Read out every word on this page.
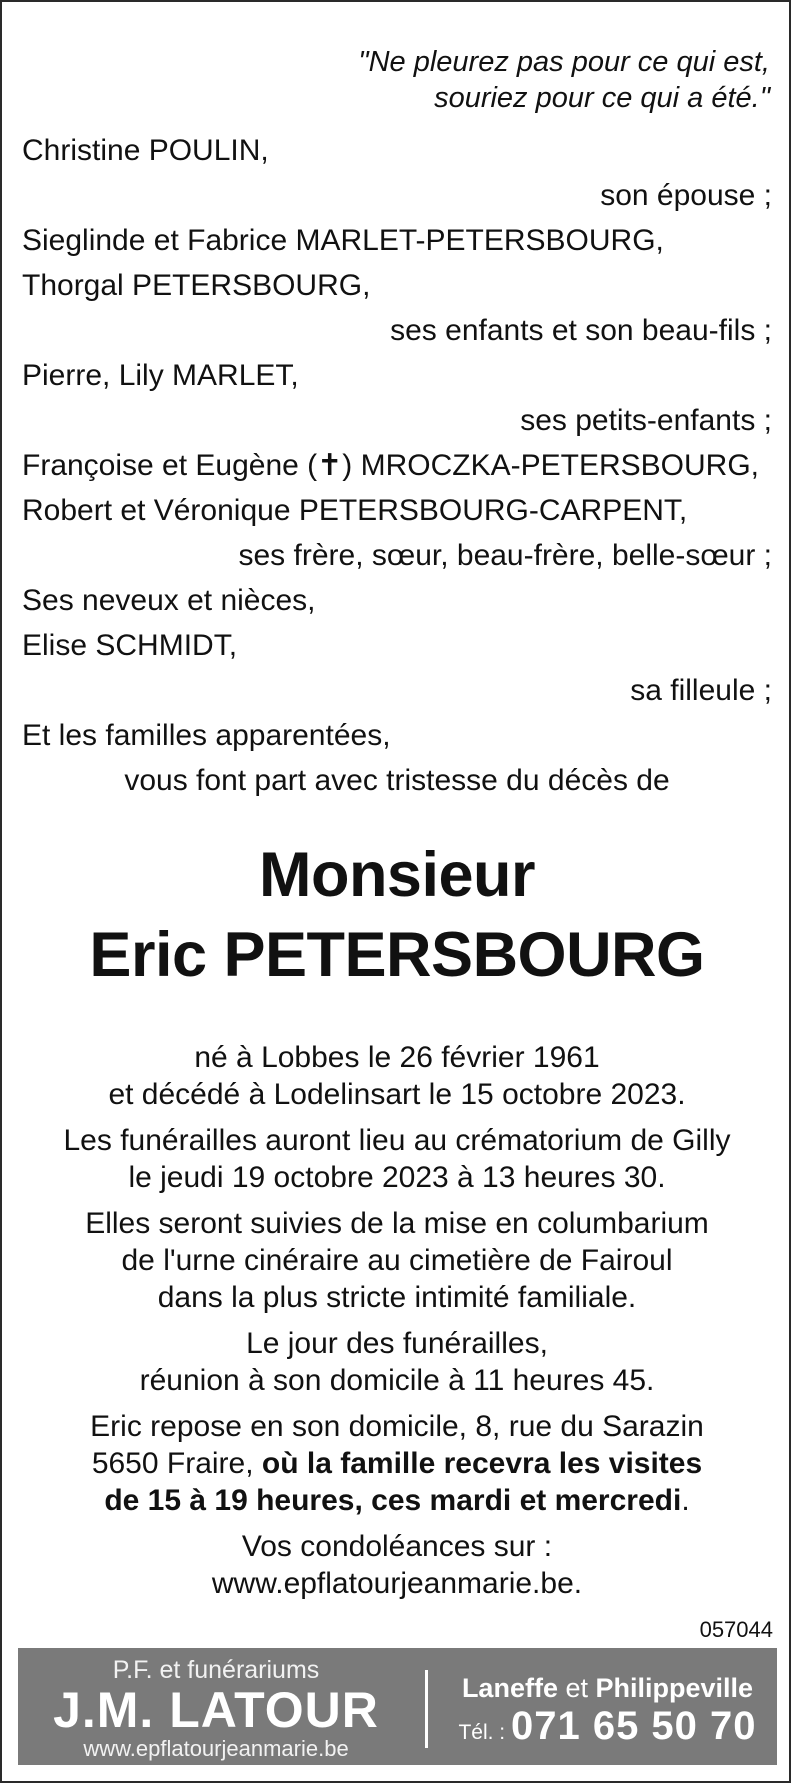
"Ne pleurez pas pour ce qui est,
souriez pour ce qui a été."
Christine POULIN,
son épouse ;
Sieglinde et Fabrice MARLET-PETERSBOURG,
Thorgal PETERSBOURG,
ses enfants et son beau-fils ;
Pierre, Lily MARLET,
ses petits-enfants ;
Françoise et Eugène (✝) MROCZKA-PETERSBOURG,
Robert et Véronique PETERSBOURG-CARPENT,
ses frère, sœur, beau-frère, belle-sœur ;
Ses neveux et nièces,
Elise SCHMIDT,
sa filleule ;
Et les familles apparentées,
vous font part avec tristesse du décès de
Monsieur
Eric PETERSBOURG

né à Lobbes le 26 février 1961
et décédé à Lodelinsart le 15 octobre 2023.

Les funérailles auront lieu au crématorium de Gilly
le jeudi 19 octobre 2023 à 13 heures 30.

Elles seront suivies de la mise en columbarium
de l'urne cinéraire au cimetière de Fairoul
dans la plus stricte intimité familiale.

Le jour des funérailles,
réunion à son domicile à 11 heures 45.

Eric repose en son domicile, 8, rue du Sarazin
5650 Fraire, où la famille recevra les visites
de 15 à 19 heures, ces mardi et mercredi.

Vos condoléances sur :
www.epflatourjeanmarie.be.

057044
P.F. et funérariums
J.M. LATOUR
www.epflatourjeanmarie.be
Laneffe et Philippeville
Tél. : 071 65 50 70
